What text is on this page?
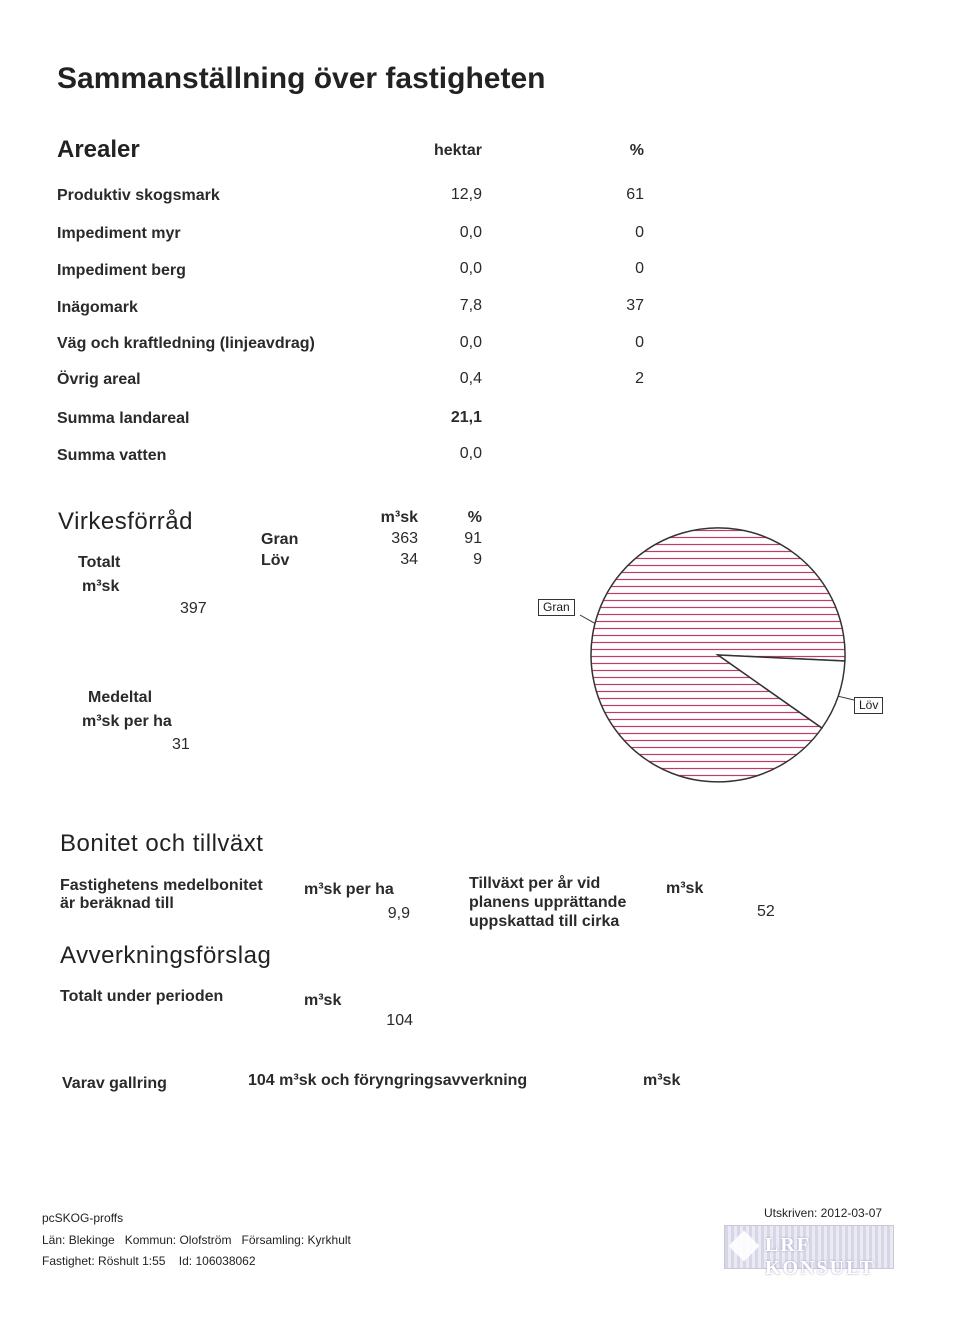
Sammanställning över fastigheten
Arealer	hektar	%
Produktiv skogsmark	12,9	61
Impediment myr	0,0	0
Impediment berg	0,0	0
Inägomark	7,8	37
Väg och kraftledning (linjeavdrag)	0,0	0
Övrig areal	0,4	2
Summa landareal	21,1
Summa vatten	0,0
Virkesförråd	m³sk	%
Gran	363	91
Löv	34	9
Totalt
m³sk
397
Medeltal
m³sk per ha
31
Gran
Löv
Bonitet och tillväxt
Fastighetens medelbonitet
är beräknad till
m³sk per ha
9,9
Tillväxt per år vid
planens upprättande
uppskattad till cirka
m³sk
52
Avverkningsförslag
Totalt under perioden	m³sk
104
Varav gallring	104 m³sk och föryngringsavverkning	m³sk
pcSKOG-proffs
Län: Blekinge Kommun: Olofström Församling: Kyrkhult
Fastighet: Röshult 1:55 Id: 106038062
Utskriven: 2012-03-07
LRF KONSULT
